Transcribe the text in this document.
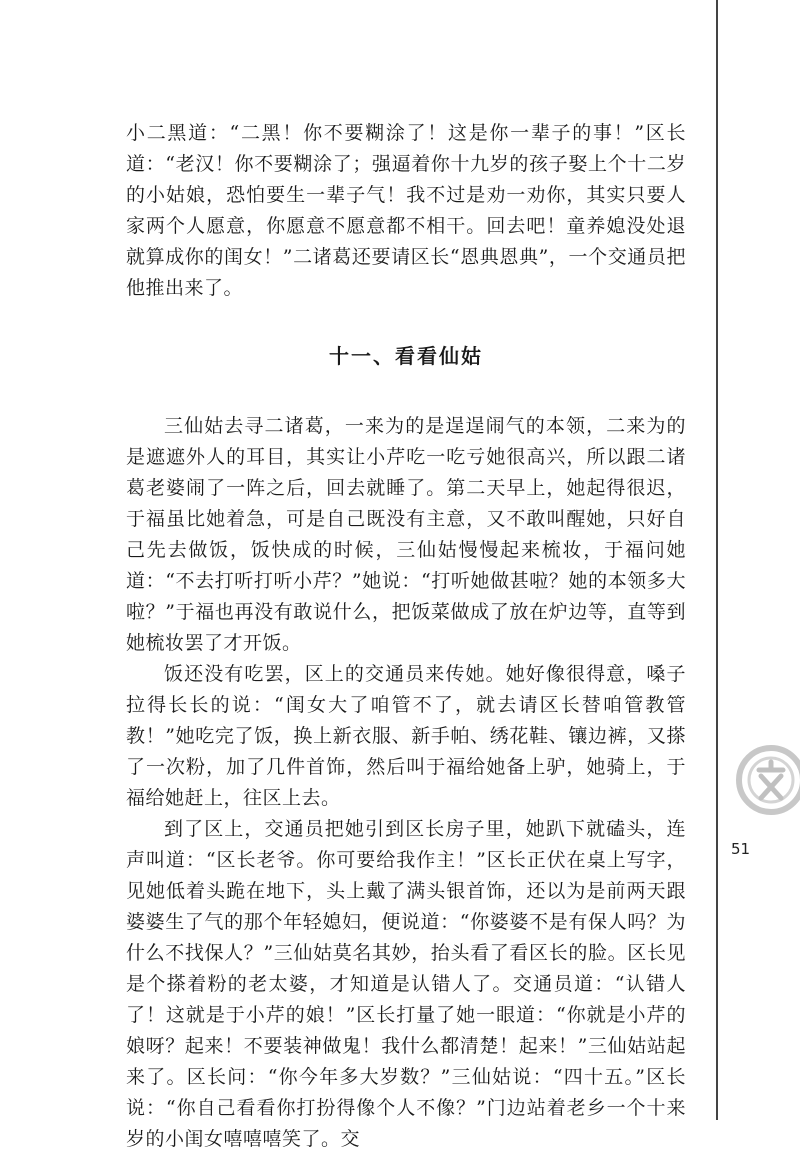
小二黑道：“二黑！你不要糊涂了！这是你一辈子的事！”区长道：“老汉！你不要糊涂了；强逼着你十九岁的孩子娶上个十二岁的小姑娘，恐怕要生一辈子气！我不过是劝一劝你，其实只要人家两个人愿意，你愿意不愿意都不相干。回去吧！童养媳没处退就算成你的闺女！”二诸葛还要请区长“恩典恩典”，一个交通员把他推出来了。

十一、看看仙姑

三仙姑去寻二诸葛，一来为的是逞逞闹气的本领，二来为的是遮遮外人的耳目，其实让小芹吃一吃亏她很高兴，所以跟二诸葛老婆闹了一阵之后，回去就睡了。第二天早上，她起得很迟，于福虽比她着急，可是自己既没有主意，又不敢叫醒她，只好自己先去做饭，饭快成的时候，三仙姑慢慢起来梳妆，于福问她道：“不去打听打听小芹？”她说：“打听她做甚啦？她的本领多大啦？”于福也再没有敢说什么，把饭菜做成了放在炉边等，直等到她梳妆罢了才开饭。

饭还没有吃罢，区上的交通员来传她。她好像很得意，嗓子拉得长长的说：“闺女大了咱管不了，就去请区长替咱管教管教！”她吃完了饭，换上新衣服、新手帕、绣花鞋、镶边裤，又搽了一次粉，加了几件首饰，然后叫于福给她备上驴，她骑上，于福给她赶上，往区上去。

到了区上，交通员把她引到区长房子里，她趴下就磕头，连声叫道：“区长老爷。你可要给我作主！”区长正伏在桌上写字，见她低着头跪在地下，头上戴了满头银首饰，还以为是前两天跟婆婆生了气的那个年轻媳妇，便说道：“你婆婆不是有保人吗？为什么不找保人？”三仙姑莫名其妙，抬头看了看区长的脸。区长见是个搽着粉的老太婆，才知道是认错人了。交通员道：“认错人了！这就是于小芹的娘！”区长打量了她一眼道：“你就是小芹的娘呀？起来！不要装神做鬼！我什么都清楚！起来！”三仙姑站起来了。区长问：“你今年多大岁数？”三仙姑说：“四十五。”区长说：“你自己看看你打扮得像个人不像？”门边站着老乡一个十来岁的小闺女嘻嘻嘻笑了。交

51
